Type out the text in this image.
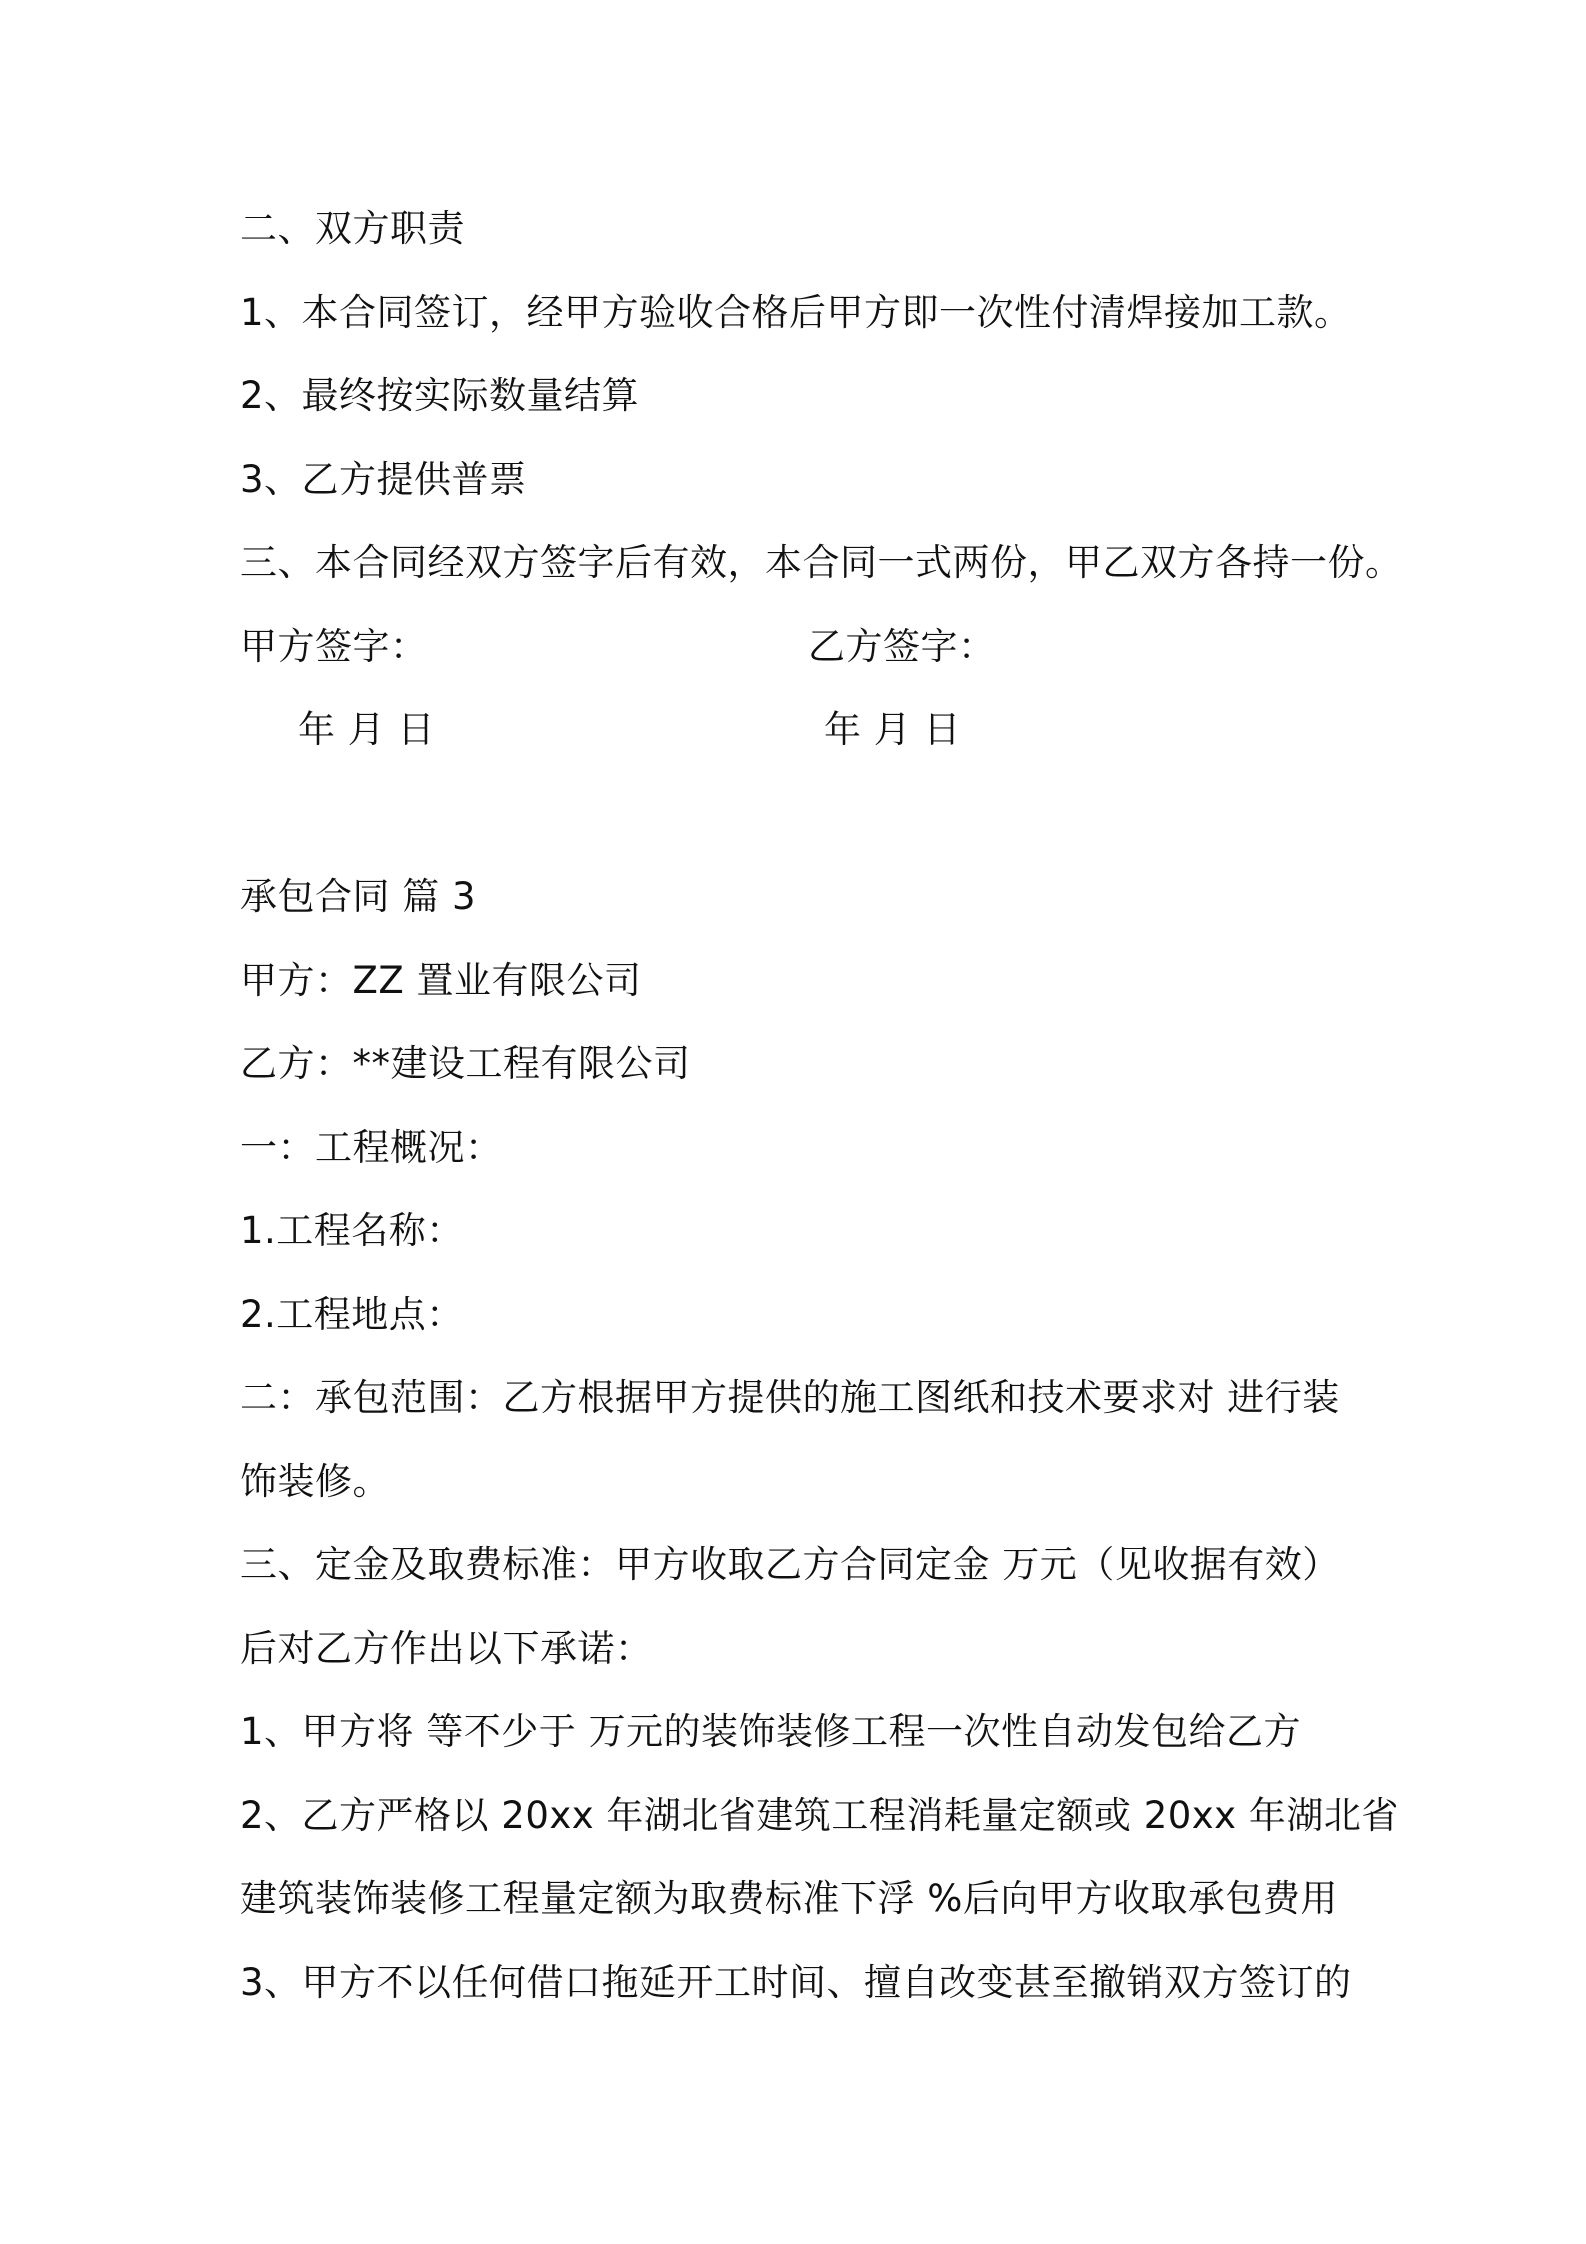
二、双方职责
1、本合同签订，经甲方验收合格后甲方即一次性付清焊接加工款。
2、最终按实际数量结算
3、乙方提供普票
三、本合同经双方签字后有效，本合同一式两份，甲乙双方各持一份。
甲方签字：	乙方签字：
年 月 日	年 月 日
承包合同 篇 3
甲方：ZZ 置业有限公司
乙方：**建设工程有限公司
一：工程概况：
1.工程名称：
2.工程地点：
二：承包范围：乙方根据甲方提供的施工图纸和技术要求对 进行装
饰装修。
三、定金及取费标准：甲方收取乙方合同定金 万元（见收据有效）
后对乙方作出以下承诺：
1、甲方将 等不少于 万元的装饰装修工程一次性自动发包给乙方
2、乙方严格以 20xx 年湖北省建筑工程消耗量定额或 20xx 年湖北省
建筑装饰装修工程量定额为取费标准下浮 %后向甲方收取承包费用
3、甲方不以任何借口拖延开工时间、擅自改变甚至撤销双方签订的
